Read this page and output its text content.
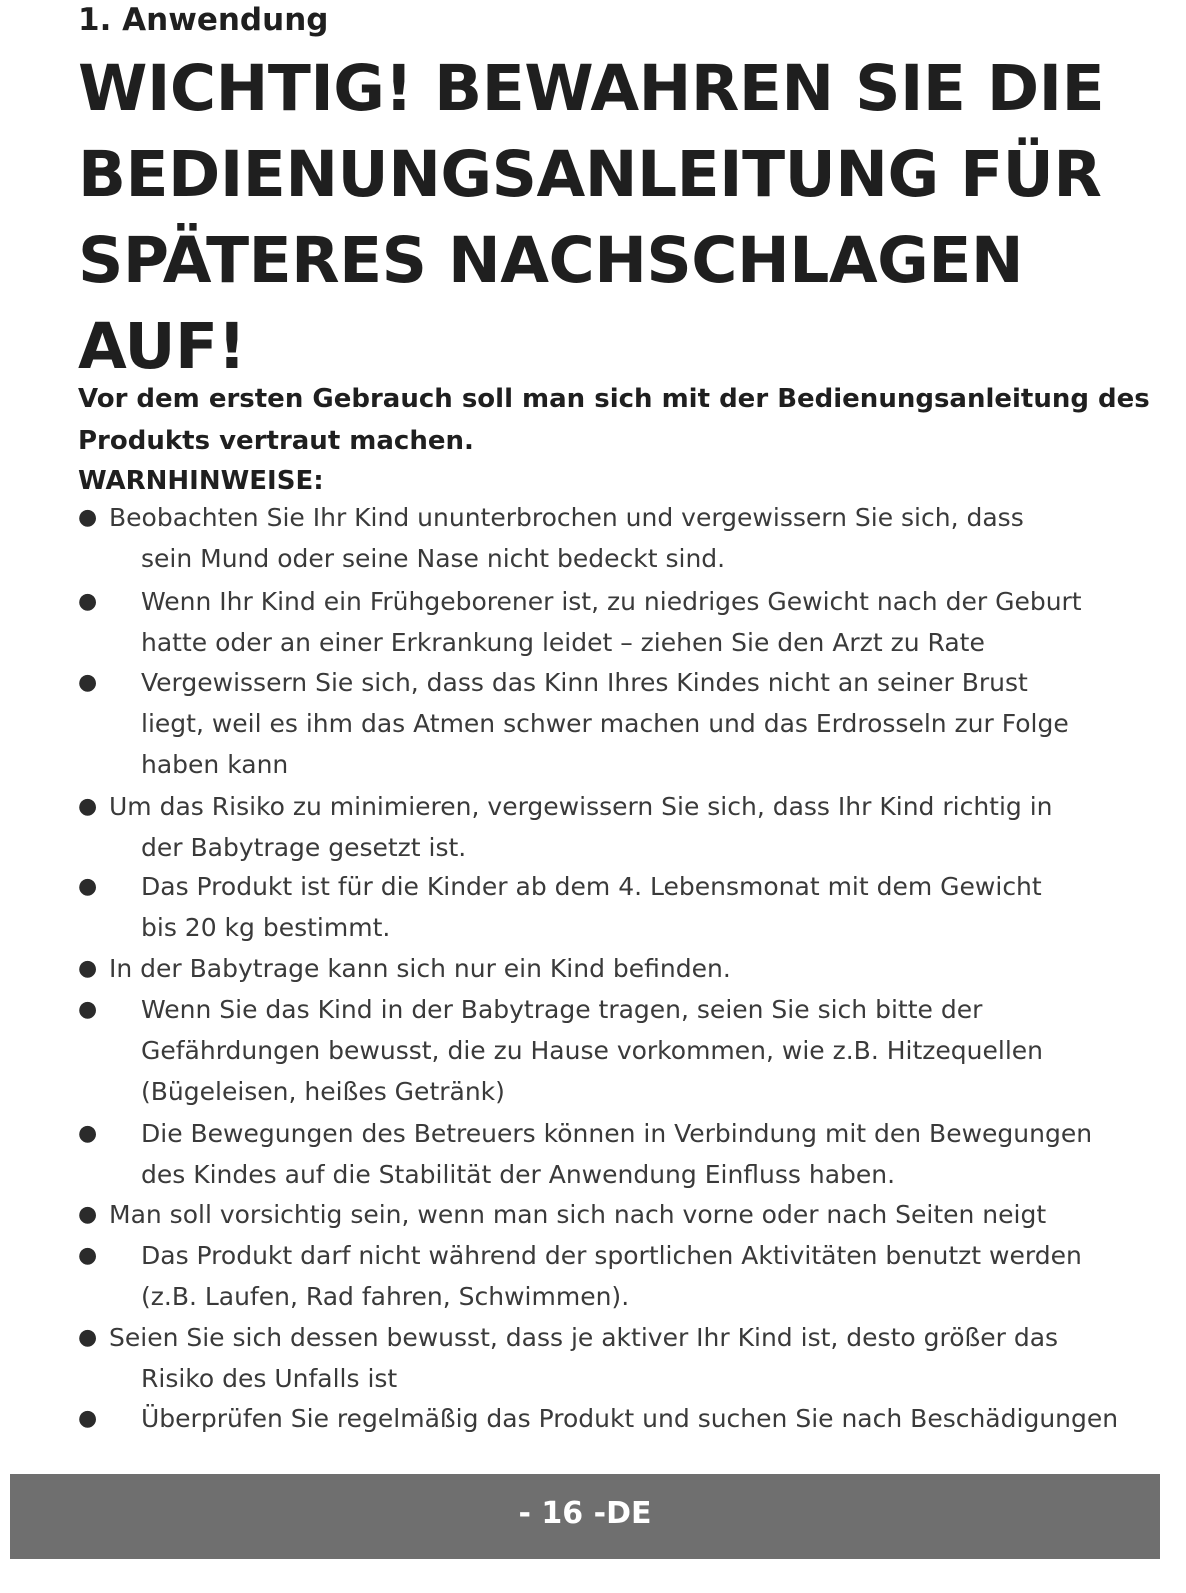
1. Anwendung
WICHTIG! BEWAHREN SIE DIE
BEDIENUNGSANLEITUNG FÜR
SPÄTERES NACHSCHLAGEN
AUF!

Vor dem ersten Gebrauch soll man sich mit der Bedienungsanleitung des
Produkts vertraut machen.

WARNHINWEISE:
● Beobachten Sie Ihr Kind ununterbrochen und vergewissern Sie sich, dass
sein Mund oder seine Nase nicht bedeckt sind.
● Wenn Ihr Kind ein Frühgeborener ist, zu niedriges Gewicht nach der Geburt
hatte oder an einer Erkrankung leidet – ziehen Sie den Arzt zu Rate
● Vergewissern Sie sich, dass das Kinn Ihres Kindes nicht an seiner Brust
liegt, weil es ihm das Atmen schwer machen und das Erdrosseln zur Folge
haben kann
● Um das Risiko zu minimieren, vergewissern Sie sich, dass Ihr Kind richtig in
der Babytrage gesetzt ist.
● Das Produkt ist für die Kinder ab dem 4. Lebensmonat mit dem Gewicht
bis 20 kg bestimmt.
● In der Babytrage kann sich nur ein Kind befinden.
● Wenn Sie das Kind in der Babytrage tragen, seien Sie sich bitte der
Gefährdungen bewusst, die zu Hause vorkommen, wie z.B. Hitzequellen
(Bügeleisen, heißes Getränk)
● Die Bewegungen des Betreuers können in Verbindung mit den Bewegungen
des Kindes auf die Stabilität der Anwendung Einfluss haben.
● Man soll vorsichtig sein, wenn man sich nach vorne oder nach Seiten neigt
● Das Produkt darf nicht während der sportlichen Aktivitäten benutzt werden
(z.B. Laufen, Rad fahren, Schwimmen).
● Seien Sie sich dessen bewusst, dass je aktiver Ihr Kind ist, desto größer das
Risiko des Unfalls ist
● Überprüfen Sie regelmäßig das Produkt und suchen Sie nach Beschädigungen
- 16 -DE
